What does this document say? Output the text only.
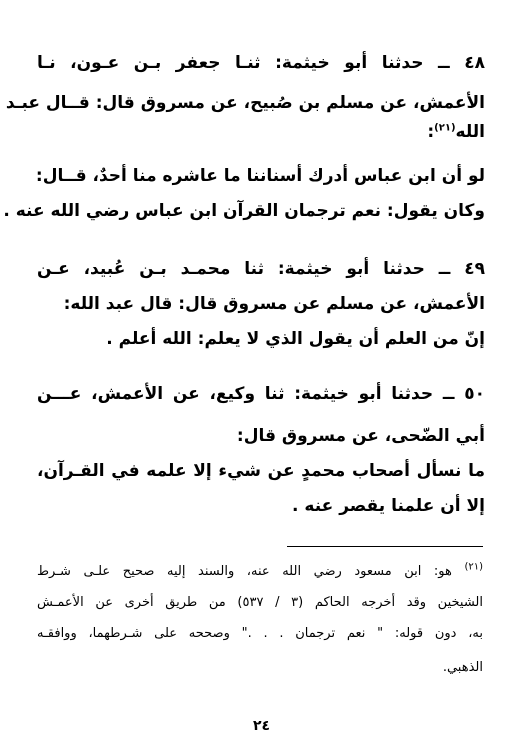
٤٨ ــ حدثنا أبو خيثمة: ثنـا جعفر بـن عـون، نـا
الأعمش، عن مسلم بن صُبيح، عن مسروق قال: قــال عبـد
الله$^{(٢١)}$:
لو أن ابن عباس أدرك أسناننا ما عاشره منا أحدٌ، قــال:
وكان يقول: نعم ترجمان القرآن ابن عباس رضي الله عنه .
٤٩ ــ حدثنا أبو خيثمة: ثنا محمـد بـن عُبيد، عـن
الأعمش، عن مسلم عن مسروق قال: قال عبد الله:
إنّ من العلم أن يقول الذي لا يعلم: الله أعلم .
٥٠ ــ حدثنا أبو خيثمة: ثنا وكيع، عن الأعمش، عـــن
أبي الضّحى، عن مسروق قال:
ما نسأل أصحاب محمدٍ عن شيء إلا علمه في القـرآن،
إلا أن علمنا يقصر عنه .
$^{(٢١)}$ هو: ابن مسعود رضي الله عنه، والسند إليه صحيح علـى شـرط
الشيخين وقد أخرجه الحاكم (٣ / ٥٣٧) من طريق أخرى عن الأعمـش
به، دون قوله: " نعم ترجمان . . ." وصححه على شـرطهما، ووافقـه
الذهبي.
٢٤
